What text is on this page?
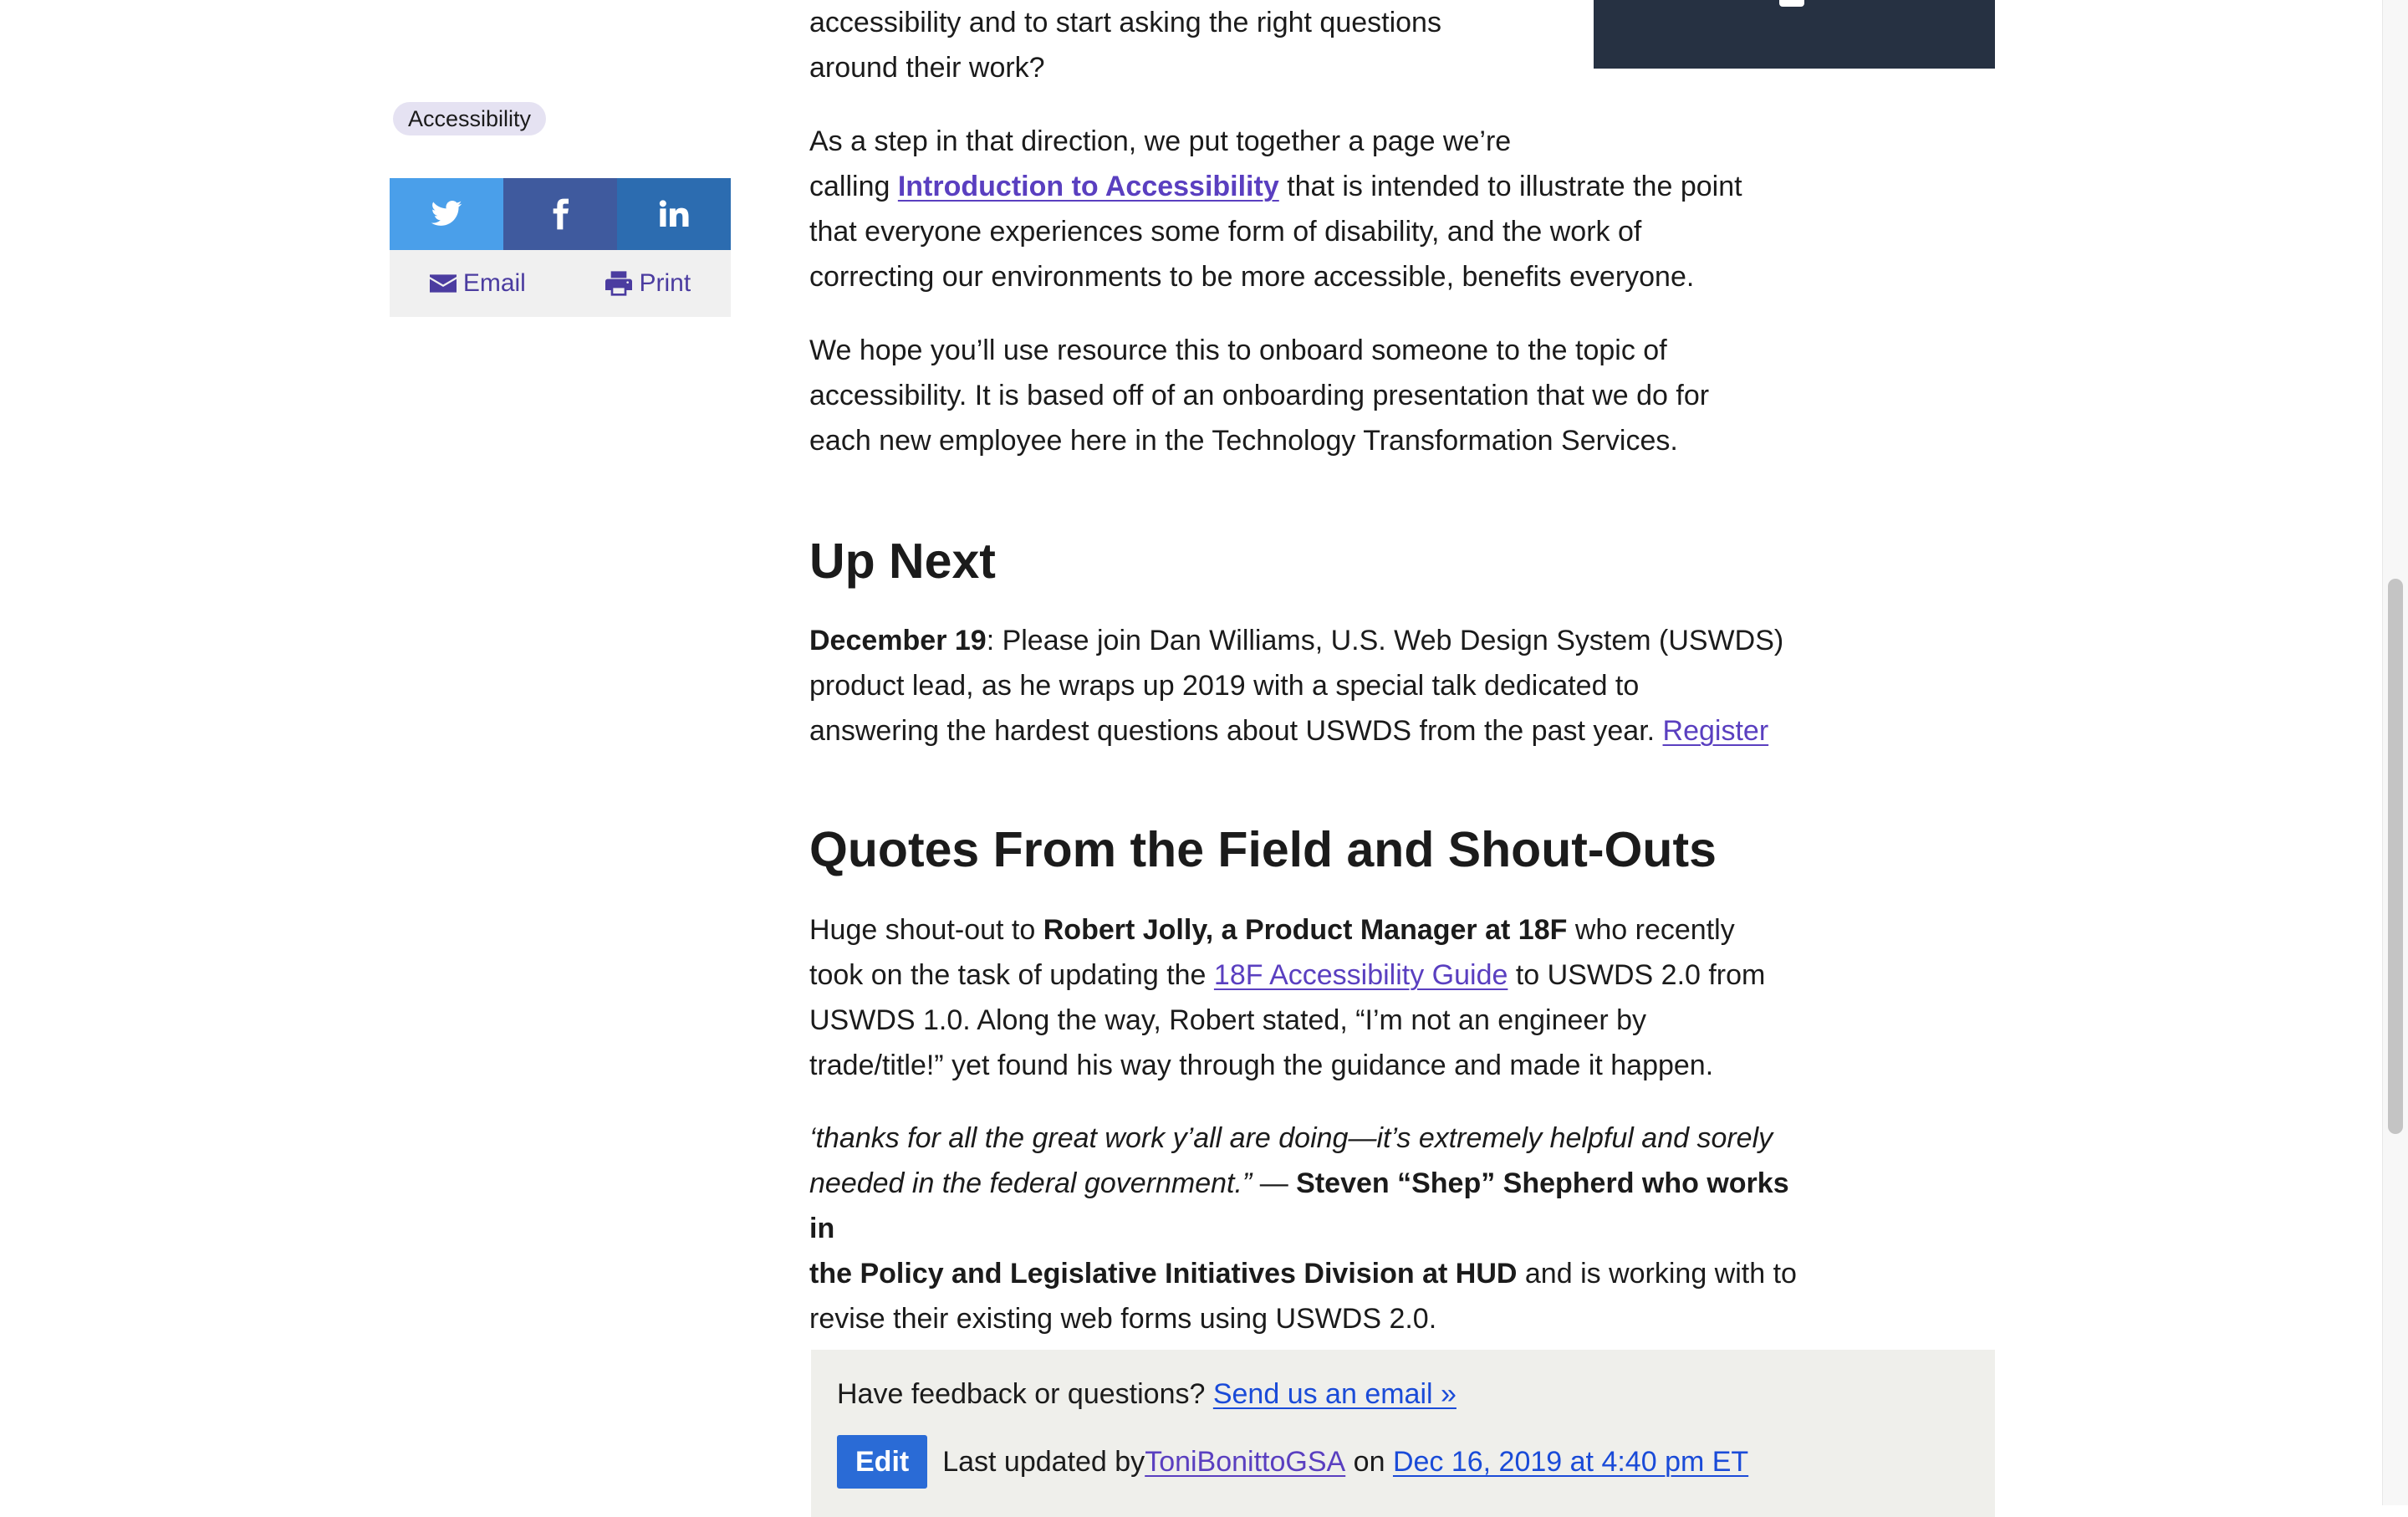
Accessibility
Email	Print

accessibility and to start asking the right questions
around their work?

As a step in that direction, we put together a page we’re
calling Introduction to Accessibility that is intended to illustrate the point
that everyone experiences some form of disability, and the work of
correcting our environments to be more accessible, benefits everyone.

We hope you’ll use resource this to onboard someone to the topic of
accessibility. It is based off of an onboarding presentation that we do for
each new employee here in the Technology Transformation Services.

Up Next

December 19: Please join Dan Williams, U.S. Web Design System (USWDS)
product lead, as he wraps up 2019 with a special talk dedicated to
answering the hardest questions about USWDS from the past year. Register

Quotes From the Field and Shout-Outs

Huge shout-out to Robert Jolly, a Product Manager at 18F who recently
took on the task of updating the 18F Accessibility Guide to USWDS 2.0 from
USWDS 1.0. Along the way, Robert stated, “I’m not an engineer by
trade/title!” yet found his way through the guidance and made it happen.

‘thanks for all the great work y’all are doing—it’s extremely helpful and sorely
needed in the federal government.” — Steven “Shep” Shepherd who works in
the Policy and Legislative Initiatives Division at HUD and is working with to
revise their existing web forms using USWDS 2.0.

Have feedback or questions? Send us an email »
Edit	Last updated by ToniBonittoGSA on Dec 16, 2019 at 4:40 pm ET
